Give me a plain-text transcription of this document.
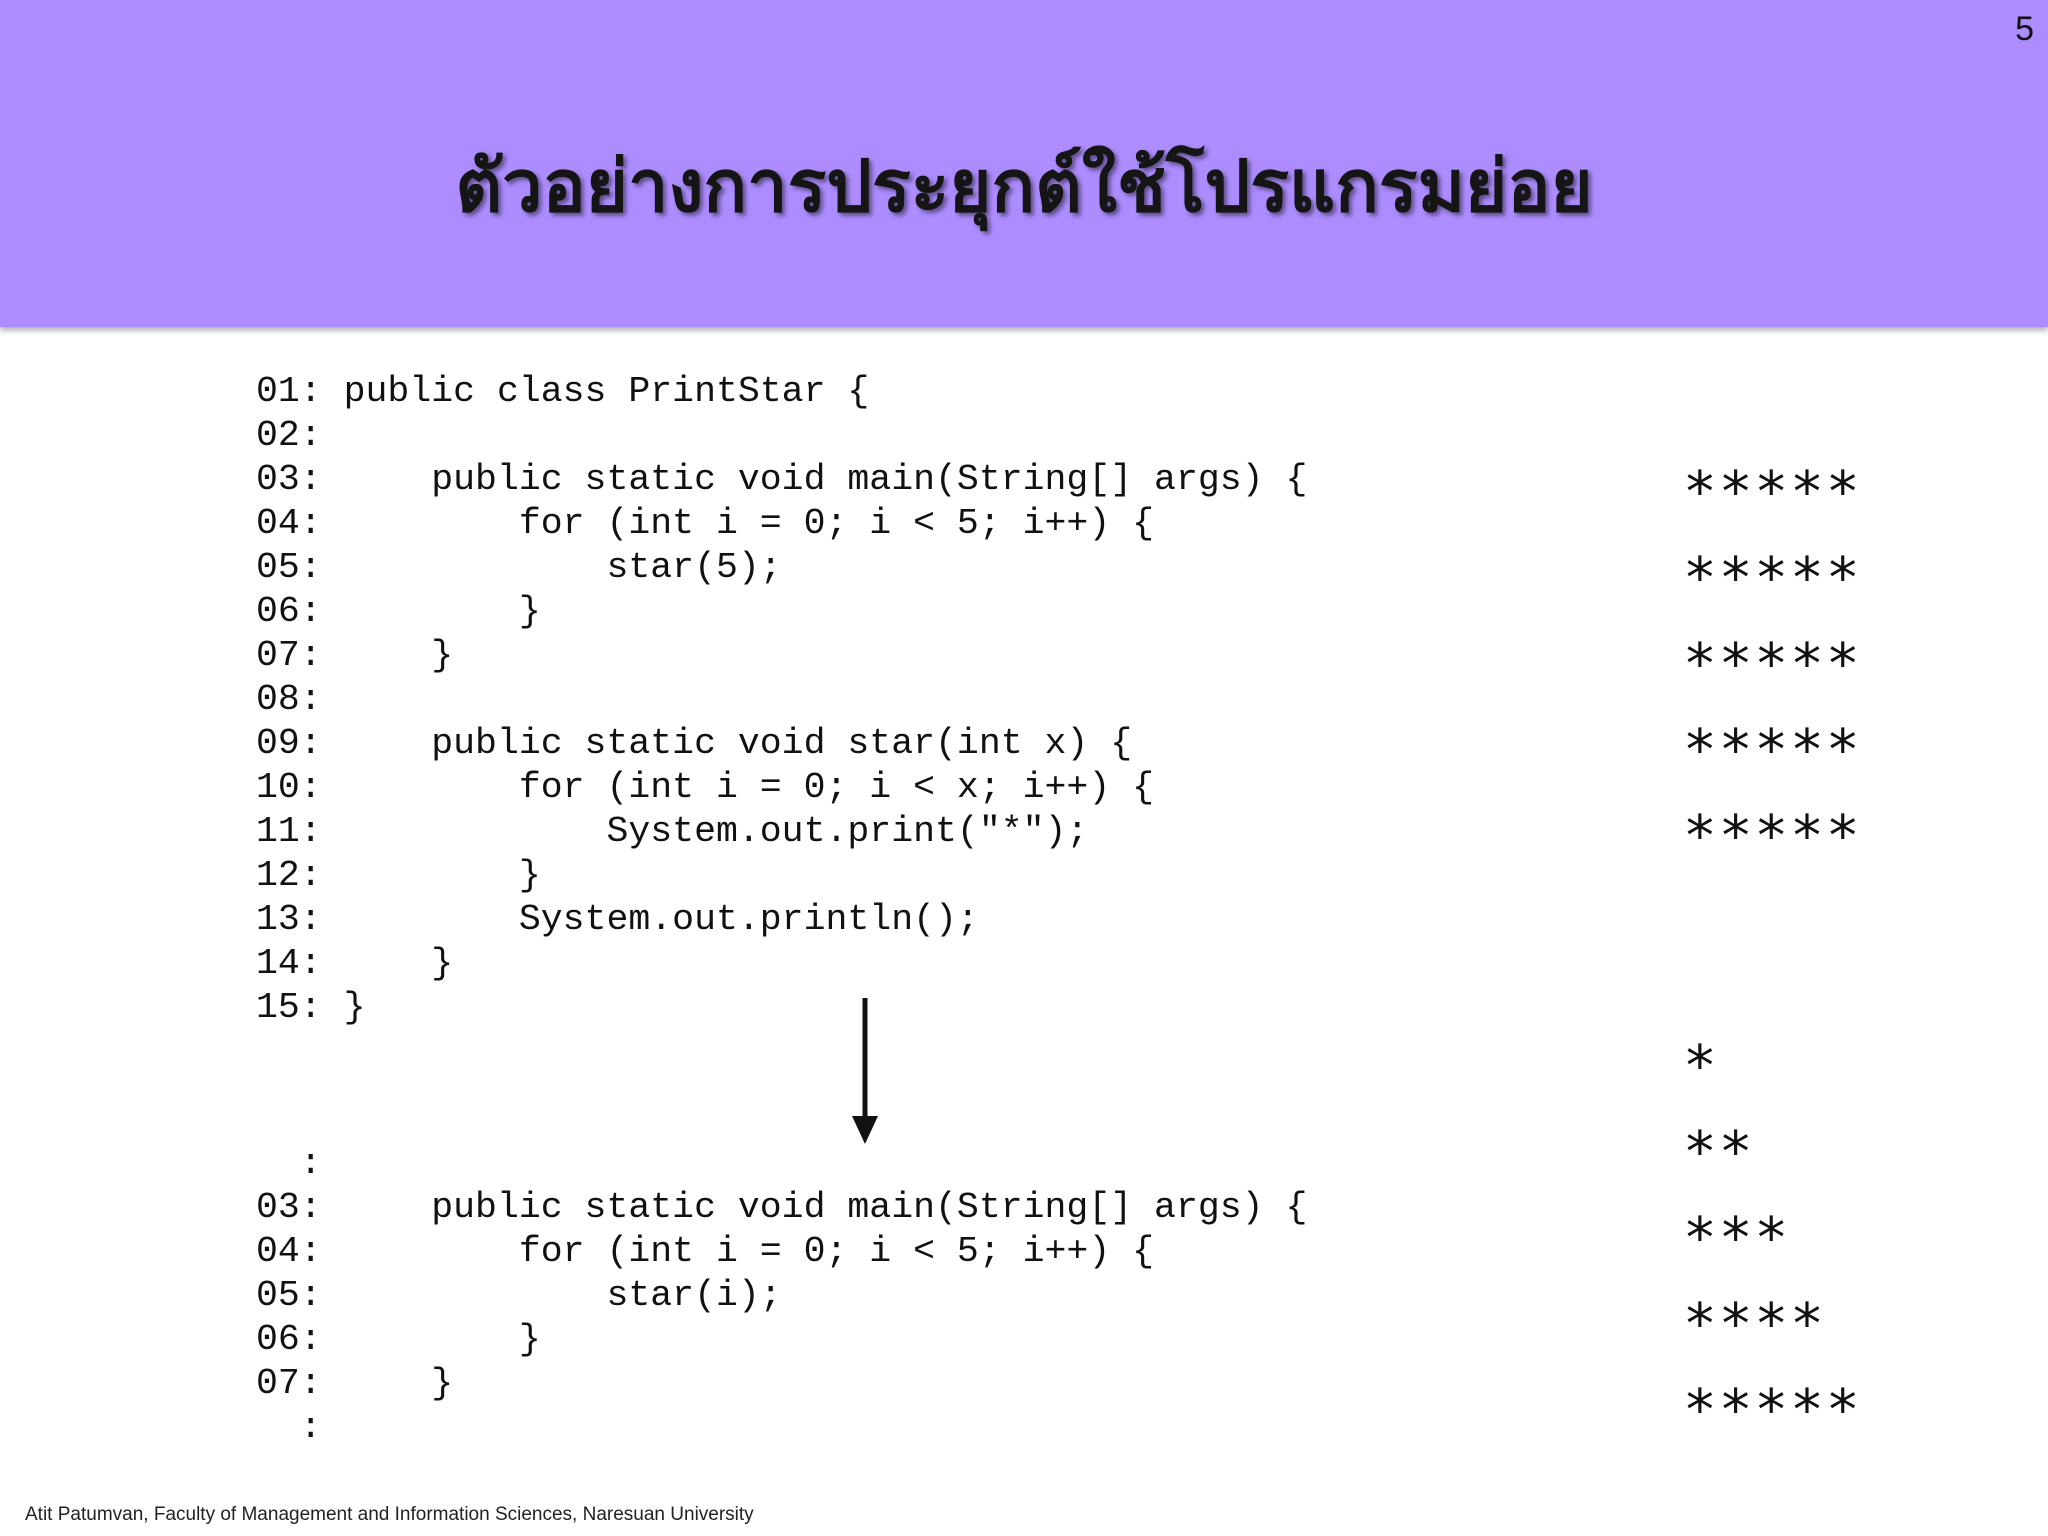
5
ตัวอย่างการประยุกต์ใช้โปรแกรมย่อย
01: public class PrintStar {
02:
03:     public static void main(String[] args) {
04:         for (int i = 0; i < 5; i++) {
05:             star(5);
06:         }
07:     }
08:
09:     public static void star(int x) {
10:         for (int i = 0; i < x; i++) {
11:             System.out.print("*");
12:         }
13:         System.out.println();
14:     }
15: }
:
03:     public static void main(String[] args) {
04:         for (int i = 0; i < 5; i++) {
05:             star(i);
06:         }
07:     }
:
*****
*****
*****
*****
*****
*
**
***
****
*****
Atit Patumvan, Faculty of Management and Information Sciences, Naresuan University
